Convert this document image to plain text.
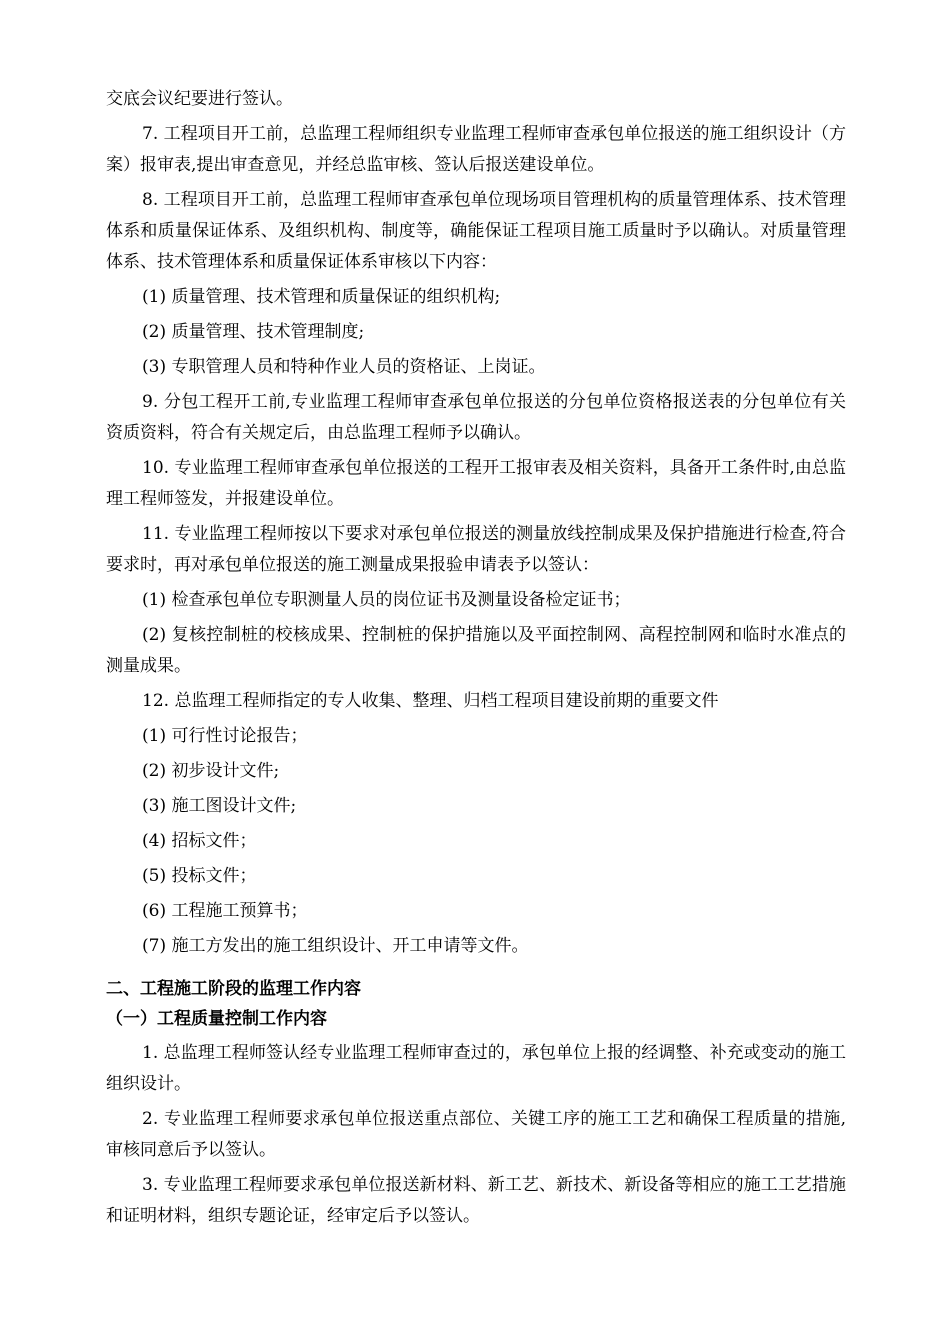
交底会议纪要进行签认。

7. 工程项目开工前，总监理工程师组织专业监理工程师审查承包单位报送的施工组织设计（方案）报审表,提出审查意见，并经总监审核、签认后报送建设单位。

8. 工程项目开工前，总监理工程师审查承包单位现场项目管理机构的质量管理体系、技术管理体系和质量保证体系、及组织机构、制度等，确能保证工程项目施工质量时予以确认。对质量管理体系、技术管理体系和质量保证体系审核以下内容：

(1) 质量管理、技术管理和质量保证的组织机构;

(2) 质量管理、技术管理制度;

(3) 专职管理人员和特种作业人员的资格证、上岗证。

9. 分包工程开工前,专业监理工程师审查承包单位报送的分包单位资格报送表的分包单位有关资质资料，符合有关规定后，由总监理工程师予以确认。

10. 专业监理工程师审查承包单位报送的工程开工报审表及相关资料，具备开工条件时,由总监理工程师签发，并报建设单位。

11. 专业监理工程师按以下要求对承包单位报送的测量放线控制成果及保护措施进行检查,符合要求时，再对承包单位报送的施工测量成果报验申请表予以签认：

(1) 检查承包单位专职测量人员的岗位证书及测量设备检定证书；

(2) 复核控制桩的校核成果、控制桩的保护措施以及平面控制网、高程控制网和临时水准点的测量成果。

12. 总监理工程师指定的专人收集、整理、归档工程项目建设前期的重要文件

(1) 可行性讨论报告；

(2) 初步设计文件;

(3) 施工图设计文件;

(4) 招标文件；

(5) 投标文件；

(6) 工程施工预算书；

(7) 施工方发出的施工组织设计、开工申请等文件。

二、工程施工阶段的监理工作内容
（一）工程质量控制工作内容

1. 总监理工程师签认经专业监理工程师审查过的，承包单位上报的经调整、补充或变动的施工组织设计。

2. 专业监理工程师要求承包单位报送重点部位、关键工序的施工工艺和确保工程质量的措施,审核同意后予以签认。

3. 专业监理工程师要求承包单位报送新材料、新工艺、新技术、新设备等相应的施工工艺措施和证明材料，组织专题论证，经审定后予以签认。
